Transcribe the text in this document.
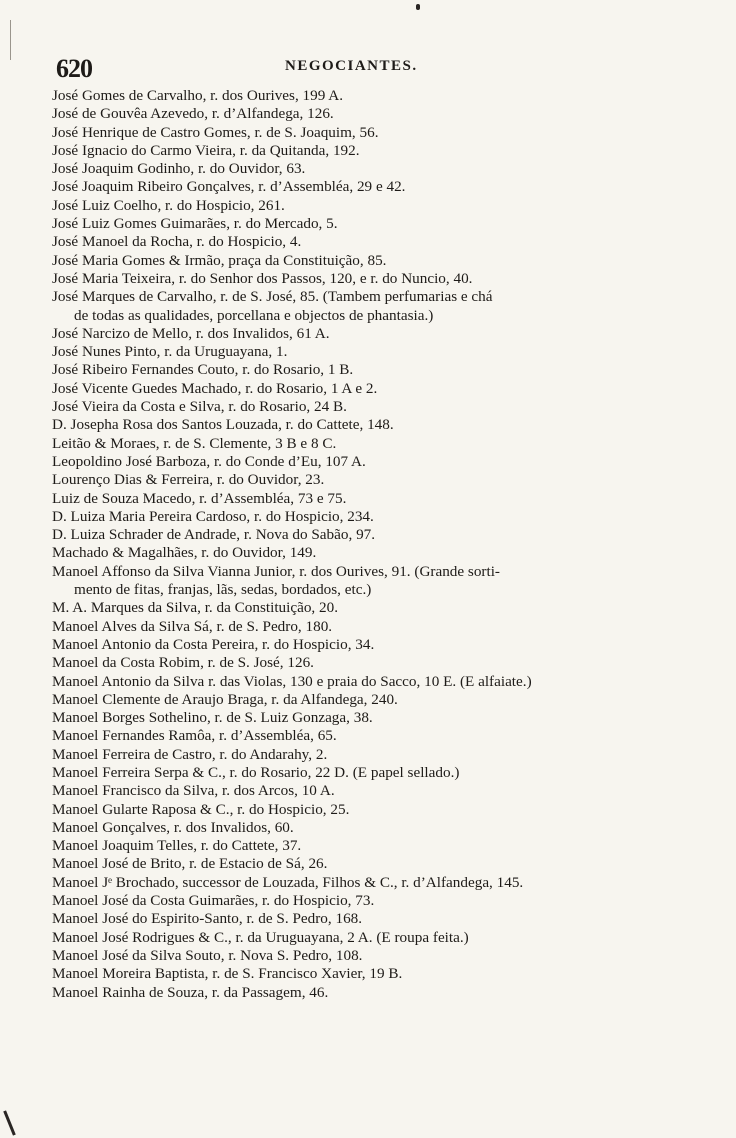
620	NEGOCIANTES.
José Gomes de Carvalho, r. dos Ourives, 199 A.
José de Gouvêa Azevedo, r. d’Alfandega, 126.
José Henrique de Castro Gomes, r. de S. Joaquim, 56.
José Ignacio do Carmo Vieira, r. da Quitanda, 192.
José Joaquim Godinho, r. do Ouvidor, 63.
José Joaquim Ribeiro Gonçalves, r. d’Assembléa, 29 e 42.
José Luiz Coelho, r. do Hospicio, 261.
José Luiz Gomes Guimarães, r. do Mercado, 5.
José Manoel da Rocha, r. do Hospicio, 4.
José Maria Gomes & Irmão, praça da Constituição, 85.
José Maria Teixeira, r. do Senhor dos Passos, 120, e r. do Nuncio, 40.
José Marques de Carvalho, r. de S. José, 85. (Tambem perfumarias e chá
de todas as qualidades, porcellana e objectos de phantasia.)
José Narcizo de Mello, r. dos Invalidos, 61 A.
José Nunes Pinto, r. da Uruguayana, 1.
José Ribeiro Fernandes Couto, r. do Rosario, 1 B.
José Vicente Guedes Machado, r. do Rosario, 1 A e 2.
José Vieira da Costa e Silva, r. do Rosario, 24 B.
D. Josepha Rosa dos Santos Louzada, r. do Cattete, 148.
Leitão & Moraes, r. de S. Clemente, 3 B e 8 C.
Leopoldino José Barboza, r. do Conde d’Eu, 107 A.
Lourenço Dias & Ferreira, r. do Ouvidor, 23.
Luiz de Souza Macedo, r. d’Assembléa, 73 e 75.
D. Luiza Maria Pereira Cardoso, r. do Hospicio, 234.
D. Luiza Schrader de Andrade, r. Nova do Sabão, 97.
Machado & Magalhães, r. do Ouvidor, 149.
Manoel Affonso da Silva Vianna Junior, r. dos Ourives, 91. (Grande sorti-
mento de fitas, franjas, lãs, sedas, bordados, etc.)
M. A. Marques da Silva, r. da Constituição, 20.
Manoel Alves da Silva Sá, r. de S. Pedro, 180.
Manoel Antonio da Costa Pereira, r. do Hospicio, 34.
Manoel da Costa Robim, r. de S. José, 126.
Manoel Antonio da Silva r. das Violas, 130 e praia do Sacco, 10 E. (E alfaiate.)
Manoel Clemente de Araujo Braga, r. da Alfandega, 240.
Manoel Borges Sothelino, r. de S. Luiz Gonzaga, 38.
Manoel Fernandes Ramôa, r. d’Assembléa, 65.
Manoel Ferreira de Castro, r. do Andarahy, 2.
Manoel Ferreira Serpa & C., r. do Rosario, 22 D. (E papel sellado.)
Manoel Francisco da Silva, r. dos Arcos, 10 A.
Manoel Gularte Raposa & C., r. do Hospicio, 25.
Manoel Gonçalves, r. dos Invalidos, 60.
Manoel Joaquim Telles, r. do Cattete, 37.
Manoel José de Brito, r. de Estacio de Sá, 26.
Manoel Jᵉ Brochado, successor de Louzada, Filhos & C., r. d’Alfandega, 145.
Manoel José da Costa Guimarães, r. do Hospicio, 73.
Manoel José do Espirito-Santo, r. de S. Pedro, 168.
Manoel José Rodrigues & C., r. da Uruguayana, 2 A. (E roupa feita.)
Manoel José da Silva Souto, r. Nova S. Pedro, 108.
Manoel Moreira Baptista, r. de S. Francisco Xavier, 19 B.
Manoel Rainha de Souza, r. da Passagem, 46.
